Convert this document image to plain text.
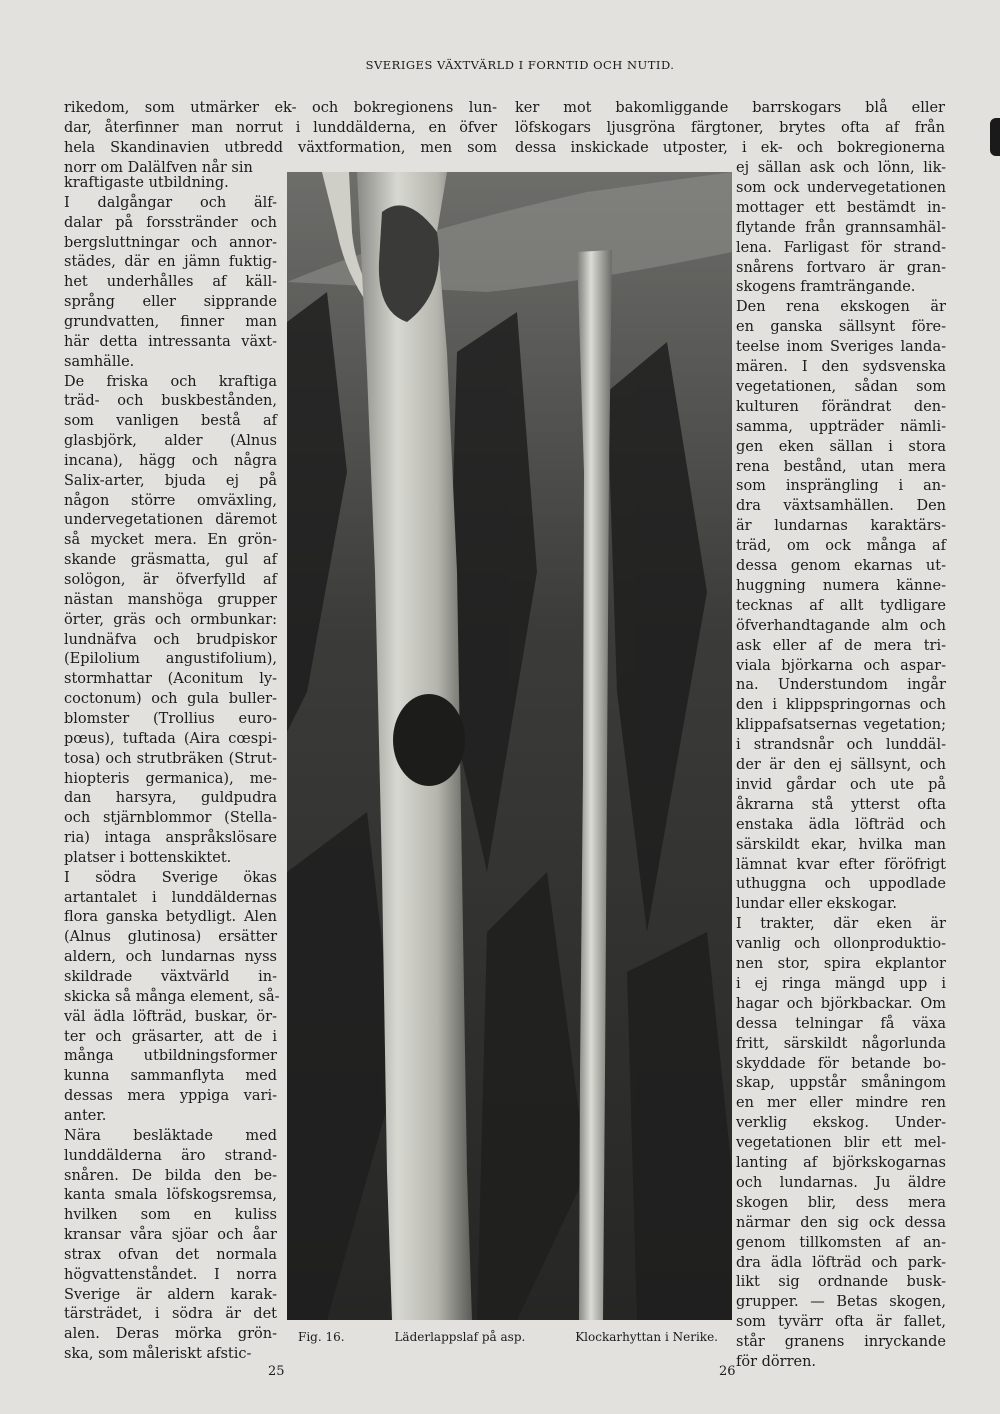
SVERIGES VÄXTVÄRLD I FORNTID OCH NUTID.
rikedom, som utmärker ek- och bokregionens lun-
dar, återfinner man norrut i lunddälderna, en öfver
hela Skandinavien utbredd växtformation, men som
norr om Dalälfven når sin
ker mot bakomliggande barrskogars blå eller
löfskogars ljusgröna färgtoner, brytes ofta af från
dessa inskickade utposter, i ek- och bokregionerna
kraftigaste utbildning.
I dalgångar och älf-
dalar på forsstränder och
bergsluttningar och annor-
städes, där en jämn fuktig-
het underhålles af käll-
språng eller sipprande
grundvatten, finner man
här detta intressanta växt-
samhälle.
De friska och kraftiga
träd- och buskbestånden,
som vanligen bestå af
glasbjörk, alder (Alnus
incana), hägg och några
Salix-arter, bjuda ej på
någon större omväxling,
undervegetationen däremot
så mycket mera. En grön-
skande gräsmatta, gul af
solögon, är öfverfylld af
nästan manshöga grupper
örter, gräs och ormbunkar:
lundnäfva och brudpiskor
(Epilolium angustifolium),
stormhattar (Aconitum ly-
coctonum) och gula buller-
blomster (Trollius euro-
pœus), tuftada (Aira cœspi-
tosa) och strutbräken (Strut-
hiopteris germanica), me-
dan harsyra, guldpudra
och stjärnblommor (Stella-
ria) intaga anspråkslösare
platser i bottenskiktet.
I södra Sverige ökas
artantalet i lunddäldernas
flora ganska betydligt. Alen
(Alnus glutinosa) ersätter
aldern, och lundarnas nyss
skildrade växtvärld in-
skicka så många element, så-
väl ädla löfträd, buskar, ör-
ter och gräsarter, att de i
många utbildningsformer
kunna sammanflyta med
dessas mera yppiga vari-
anter.
Nära besläktade med
lunddälderna äro strand-
snåren. De bilda den be-
kanta smala löfskogsremsa,
hvilken som en kuliss
kransar våra sjöar och åar
strax ofvan det normala
högvattenståndet. I norra
Sverige är aldern karak-
tärsträdet, i södra är det
alen. Deras mörka grön-
ska, som måleriskt afstic-
ej sällan ask och lönn, lik-
som ock undervegetationen
mottager ett bestämdt in-
flytande från grannsamhäl-
lena. Farligast för strand-
snårens fortvaro är gran-
skogens framträngande.
Den rena ekskogen är
en ganska sällsynt före-
teelse inom Sveriges landa-
mären. I den sydsvenska
vegetationen, sådan som
kulturen förändrat den-
samma, uppträder nämli-
gen eken sällan i stora
rena bestånd, utan mera
som insprängling i an-
dra växtsamhällen. Den
är lundarnas karaktärs-
träd, om ock många af
dessa genom ekarnas ut-
huggning numera känne-
tecknas af allt tydligare
öfverhandtagande alm och
ask eller af de mera tri-
viala björkarna och aspar-
na. Understundom ingår
den i klippspringornas och
klippafsatsernas vegetation;
i strandsnår och lunddäl-
der är den ej sällsynt, och
invid gårdar och ute på
åkrarna stå ytterst ofta
enstaka ädla löfträd och
särskildt ekar, hvilka man
lämnat kvar efter föröfrigt
uthuggna och uppodlade
lundar eller ekskogar.
I trakter, där eken är
vanlig och ollonproduktio-
nen stor, spira ekplantor
i ej ringa mängd upp i
hagar och björkbackar. Om
dessa telningar få växa
fritt, särskildt någorlunda
skyddade för betande bo-
skap, uppstår småningom
en mer eller mindre ren
verklig ekskog. Under-
vegetationen blir ett mel-
lanting af björkskogarnas
och lundarnas. Ju äldre
skogen blir, dess mera
närmar den sig ock dessa
genom tillkomsten af an-
dra ädla löfträd och park-
likt sig ordnande busk-
grupper. — Betas skogen,
som tyvärr ofta är fallet,
står granens inryckande
för dörren.
Fig. 16.	Läderlappslaf på asp.	Klockarhyttan i Nerike.
25	26
